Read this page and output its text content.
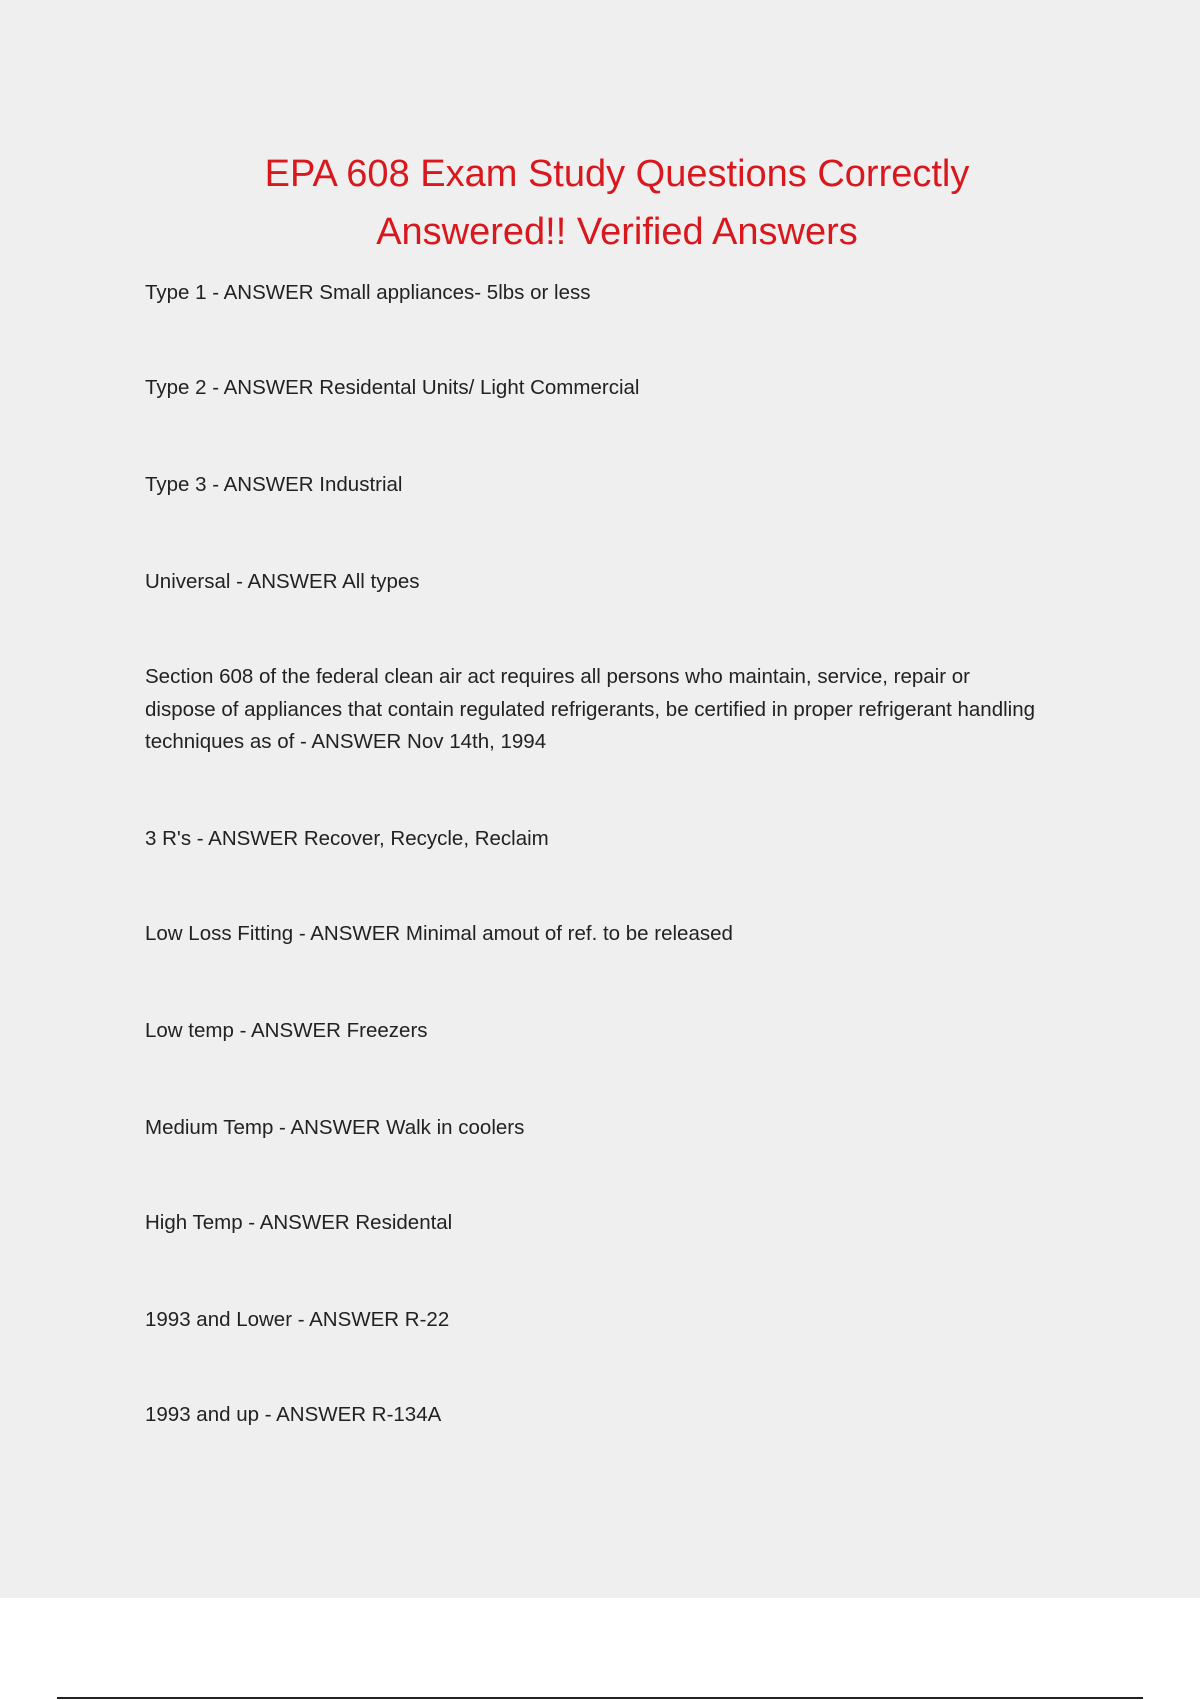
EPA 608 Exam Study Questions Correctly
Answered!! Verified Answers
Type 1 - ANSWER Small appliances- 5lbs or less
Type 2 - ANSWER Residental Units/ Light Commercial
Type 3 - ANSWER Industrial
Universal - ANSWER All types
Section 608 of the federal clean air act requires all persons who maintain, service, repair or dispose of appliances that contain regulated refrigerants, be certified in proper refrigerant handling techniques as of - ANSWER Nov 14th, 1994
3 R's - ANSWER Recover, Recycle, Reclaim
Low Loss Fitting - ANSWER Minimal amout of ref. to be released
Low temp - ANSWER Freezers
Medium Temp - ANSWER Walk in coolers
High Temp - ANSWER Residental
1993 and Lower - ANSWER R-22
1993 and up - ANSWER R-134A
